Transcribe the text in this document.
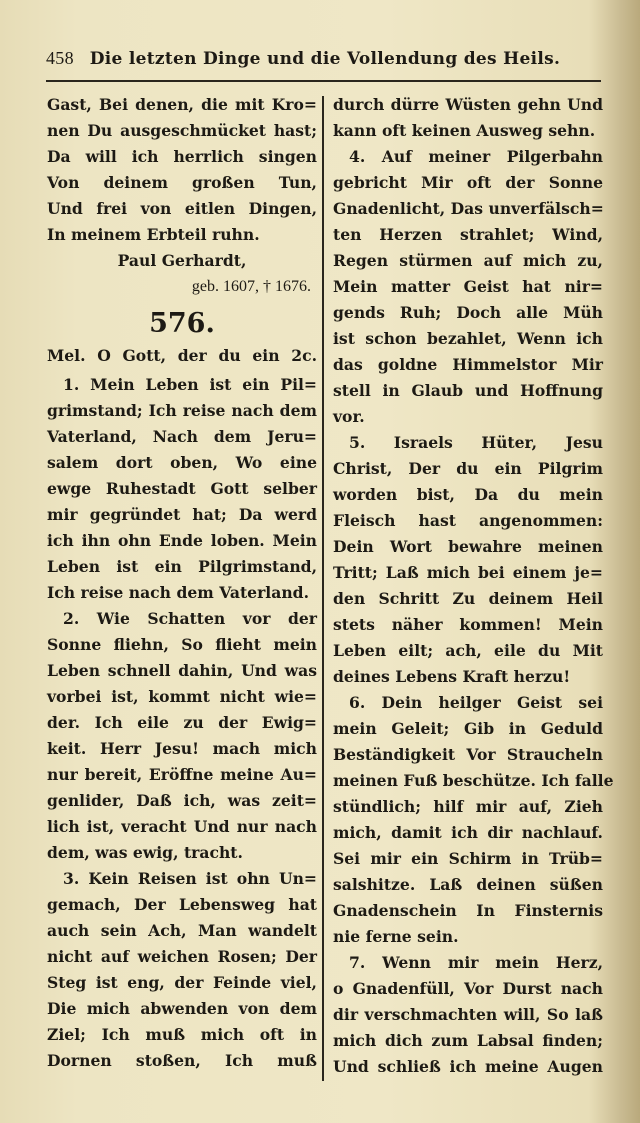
458 Die letzten Dinge und die Vollendung des Heils.
Gast, Bei denen, die mit Kro=
nen Du ausgeschmücket hast;
Da will ich herrlich singen
Von deinem großen Tun,
Und frei von eitlen Dingen,
In meinem Erbteil ruhn.
Paul Gerhardt,
geb. 1607, † 1676.
576.
Mel. O Gott, der du ein 2c.
1. Mein Leben ist ein Pil=
grimstand; Ich reise nach dem
Vaterland, Nach dem Jeru=
salem dort oben, Wo eine
ewge Ruhestadt Gott selber
mir gegründet hat; Da werd
ich ihn ohn Ende loben. Mein
Leben ist ein Pilgrimstand,
Ich reise nach dem Vaterland.
2. Wie Schatten vor der
Sonne fliehn, So flieht mein
Leben schnell dahin, Und was
vorbei ist, kommt nicht wie=
der. Ich eile zu der Ewig=
keit. Herr Jesu! mach mich
nur bereit, Eröffne meine Au=
genlider, Daß ich, was zeit=
lich ist, veracht Und nur nach
dem, was ewig, tracht.
3. Kein Reisen ist ohn Un=
gemach, Der Lebensweg hat
auch sein Ach, Man wandelt
nicht auf weichen Rosen; Der
Steg ist eng, der Feinde viel,
Die mich abwenden von dem
Ziel; Ich muß mich oft in
Dornen stoßen, Ich muß
durch dürre Wüsten gehn Und
kann oft keinen Ausweg sehn.
4. Auf meiner Pilgerbahn
gebricht Mir oft der Sonne
Gnadenlicht, Das unverfälsch=
ten Herzen strahlet; Wind,
Regen stürmen auf mich zu,
Mein matter Geist hat nir=
gends Ruh; Doch alle Müh
ist schon bezahlet, Wenn ich
das goldne Himmelstor Mir
stell in Glaub und Hoffnung
vor.
5. Israels Hüter, Jesu
Christ, Der du ein Pilgrim
worden bist, Da du mein
Fleisch hast angenommen:
Dein Wort bewahre meinen
Tritt; Laß mich bei einem je=
den Schritt Zu deinem Heil
stets näher kommen! Mein
Leben eilt; ach, eile du Mit
deines Lebens Kraft herzu!
6. Dein heilger Geist sei
mein Geleit; Gib in Geduld
Beständigkeit Vor Straucheln
meinen Fuß beschütze. Ich falle
stündlich; hilf mir auf, Zieh
mich, damit ich dir nachlauf.
Sei mir ein Schirm in Trüb=
salshitze. Laß deinen süßen
Gnadenschein In Finsternis
nie ferne sein.
7. Wenn mir mein Herz,
o Gnadenfüll, Vor Durst nach
dir verschmachten will, So laß
mich dich zum Labsal finden;
Und schließ ich meine Augen
